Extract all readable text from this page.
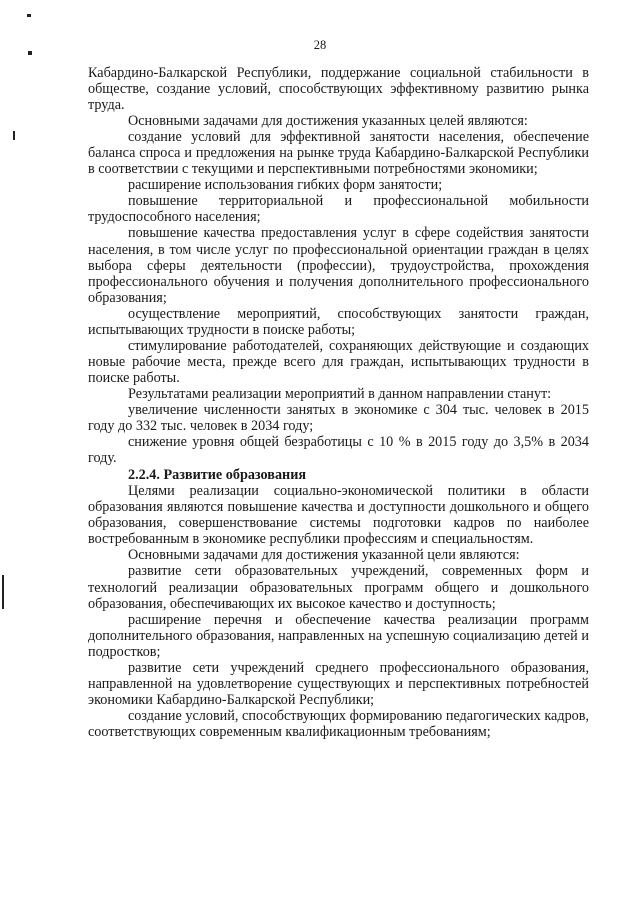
28

Кабардино-Балкарской Республики, поддержание социальной стабильности в обществе, создание условий, способствующих эффективному развитию рынка труда.

Основными задачами для достижения указанных целей являются:

создание условий для эффективной занятости населения, обеспечение баланса спроса и предложения на рынке труда Кабардино-Балкарской Республики в соответствии с текущими и перспективными потребностями экономики;

расширение использования гибких форм занятости;

повышение территориальной и профессиональной мобильности трудоспособного населения;

повышение качества предоставления услуг в сфере содействия занятости населения, в том числе услуг по профессиональной ориентации граждан в целях выбора сферы деятельности (профессии), трудоустройства, прохождения профессионального обучения и получения дополнительного профессионального образования;

осуществление мероприятий, способствующих занятости граждан, испытывающих трудности в поиске работы;

стимулирование работодателей, сохраняющих действующие и создающих новые рабочие места, прежде всего для граждан, испытывающих трудности в поиске работы.

Результатами реализации мероприятий в данном направлении станут:

увеличение численности занятых в экономике с 304 тыс. человек в 2015 году до 332 тыс. человек в 2034 году;

снижение уровня общей безработицы с 10 % в 2015 году до 3,5% в 2034 году.

2.2.4. Развитие образования

Целями реализации социально-экономической политики в области образования являются повышение качества и доступности дошкольного и общего образования, совершенствование системы подготовки кадров по наиболее востребованным в экономике республики профессиям и специальностям.

Основными задачами для достижения указанной цели являются:

развитие сети образовательных учреждений, современных форм и технологий реализации образовательных программ общего и дошкольного образования, обеспечивающих их высокое качество и доступность;

расширение перечня и обеспечение качества реализации программ дополнительного образования, направленных на успешную социализацию детей и подростков;

развитие сети учреждений среднего профессионального образования, направленной на удовлетворение существующих и перспективных потребностей экономики Кабардино-Балкарской Республики;

создание условий, способствующих формированию педагогических кадров, соответствующих современным квалификационным требованиям;
